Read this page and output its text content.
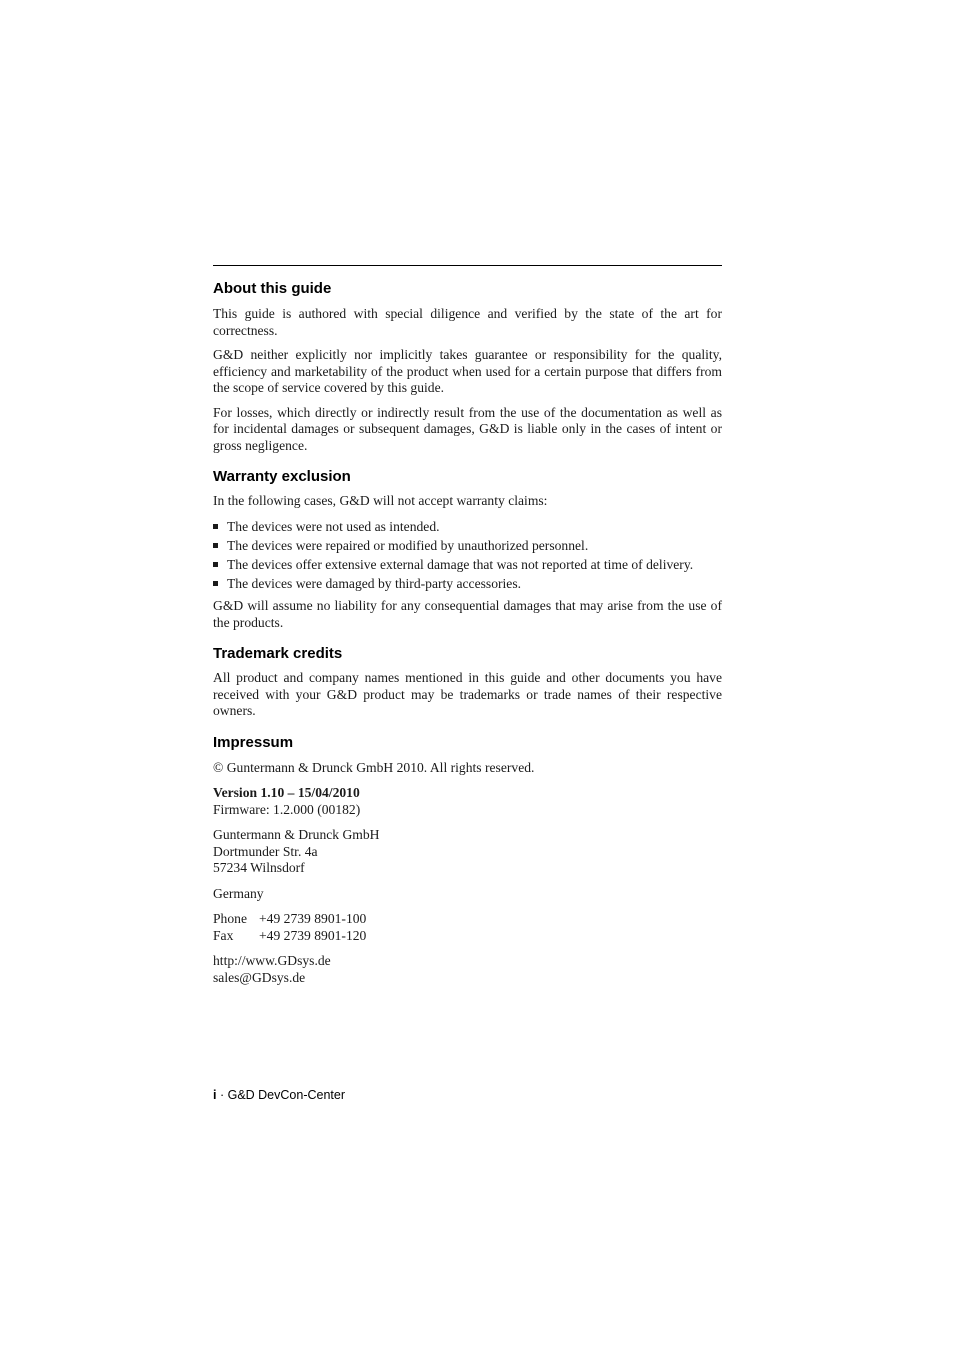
About this guide

This guide is authored with special diligence and verified by the state of the art for correctness.

G&D neither explicitly nor implicitly takes guarantee or responsibility for the quality, efficiency and marketability of the product when used for a certain purpose that differs from the scope of service covered by this guide.

For losses, which directly or indirectly result from the use of the documentation as well as for incidental damages or subsequent damages, G&D is liable only in the cases of intent or gross negligence.

Warranty exclusion

In the following cases, G&D will not accept warranty claims:

The devices were not used as intended.
The devices were repaired or modified by unauthorized personnel.
The devices offer extensive external damage that was not reported at time of delivery.
The devices were damaged by third-party accessories.

G&D will assume no liability for any consequential damages that may arise from the use of the products.

Trademark credits

All product and company names mentioned in this guide and other documents you have received with your G&D product may be trademarks or trade names of their respective owners.

Impressum
© Guntermann & Drunck GmbH 2010. All rights reserved.
Version 1.10 – 15/04/2010
Firmware: 1.2.000 (00182)
Guntermann & Drunck GmbH
Dortmunder Str. 4a
57234 Wilnsdorf
Germany
Phone +49 2739 8901-100
Fax +49 2739 8901-120
http://www.GDsys.de
sales@GDsys.de
i · G&D DevCon-Center
